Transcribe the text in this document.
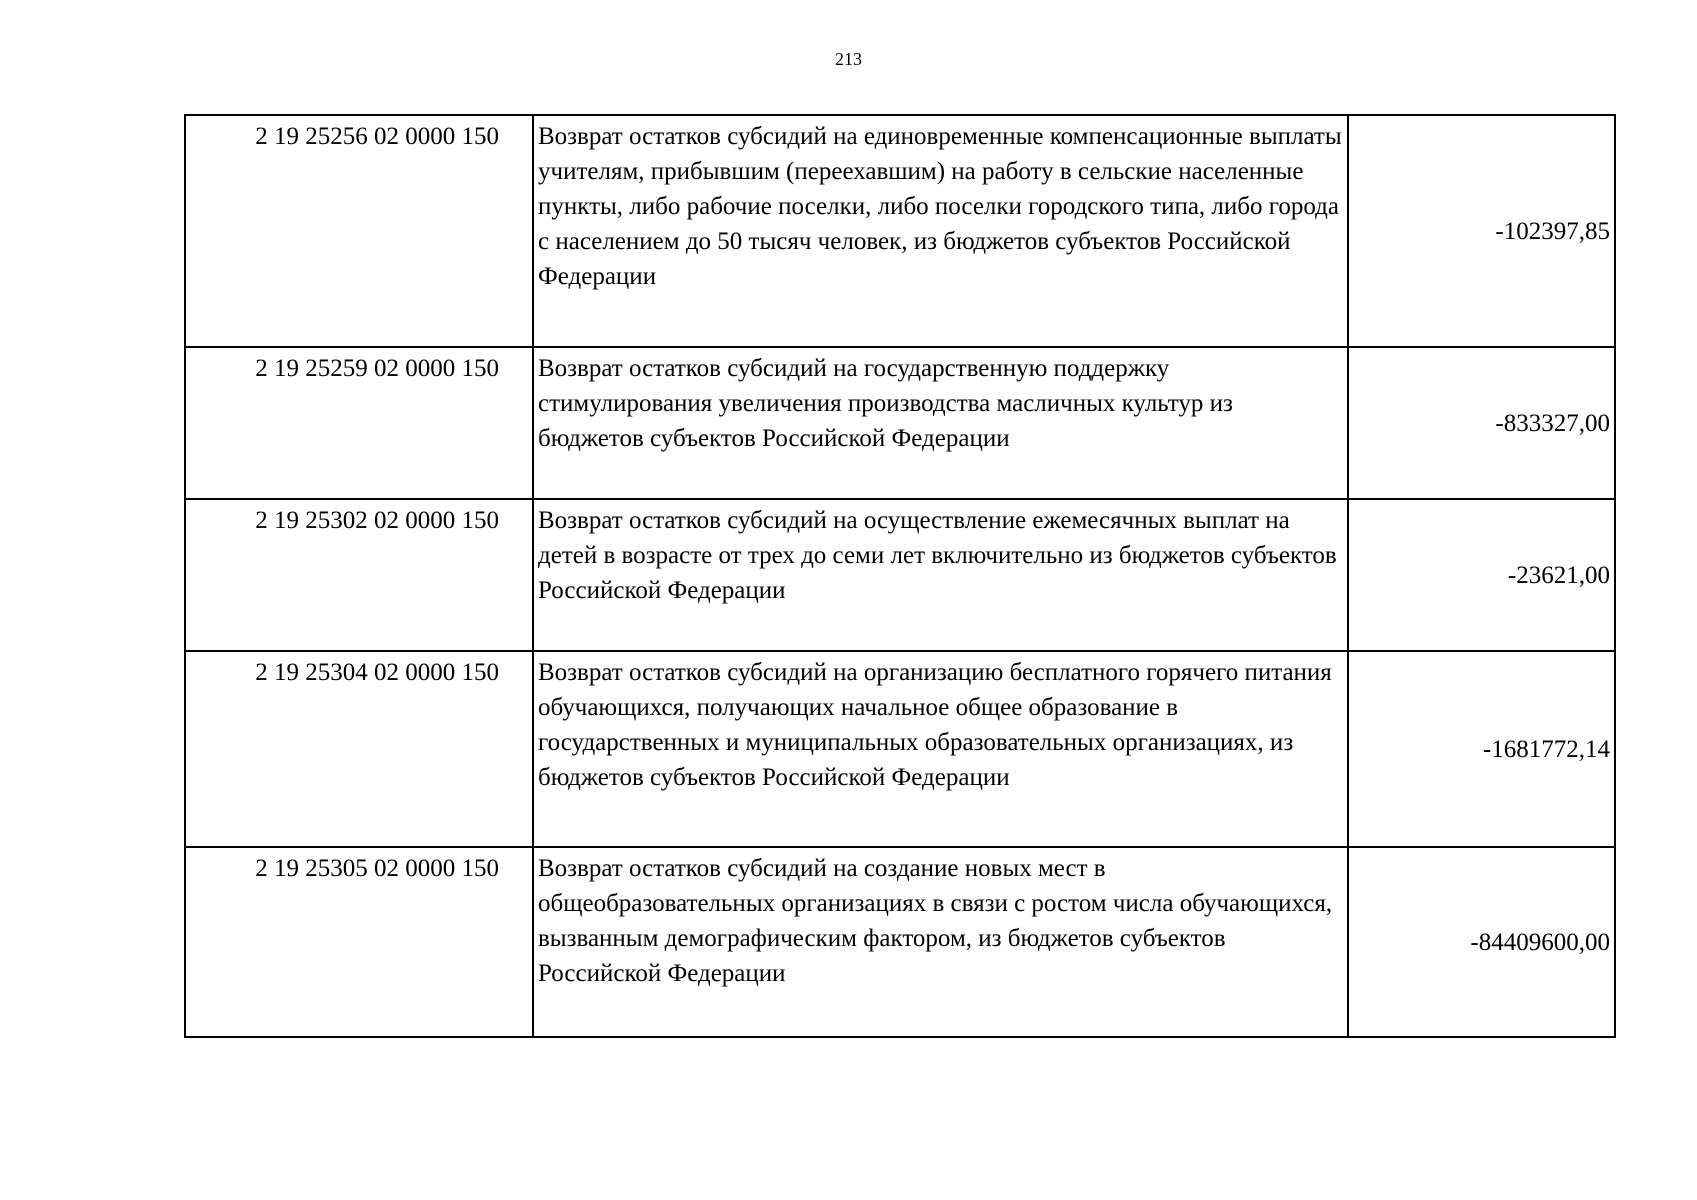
213
2 19 25256 02 0000 150	Возврат остатков субсидий на единовременные компенсационные выплаты учителям, прибывшим (переехавшим) на работу в сельские населенные пункты, либо рабочие поселки, либо поселки городского типа, либо города с населением до 50 тысяч человек, из бюджетов субъектов Российской Федерации	-102397,85
2 19 25259 02 0000 150	Возврат остатков субсидий на государственную поддержку стимулирования увеличения производства масличных культур из бюджетов субъектов Российской Федерации	-833327,00
2 19 25302 02 0000 150	Возврат остатков субсидий на осуществление ежемесячных выплат на детей в возрасте от трех до семи лет включительно из бюджетов субъектов Российской Федерации	-23621,00
2 19 25304 02 0000 150	Возврат остатков субсидий на организацию бесплатного горячего питания обучающихся, получающих начальное общее образование в государственных и муниципальных образовательных организациях, из бюджетов субъектов Российской Федерации	-1681772,14
2 19 25305 02 0000 150	Возврат остатков субсидий на создание новых мест в общеобразовательных организациях в связи с ростом числа обучающихся, вызванным демографическим фактором, из бюджетов субъектов Российской Федерации	-84409600,00
